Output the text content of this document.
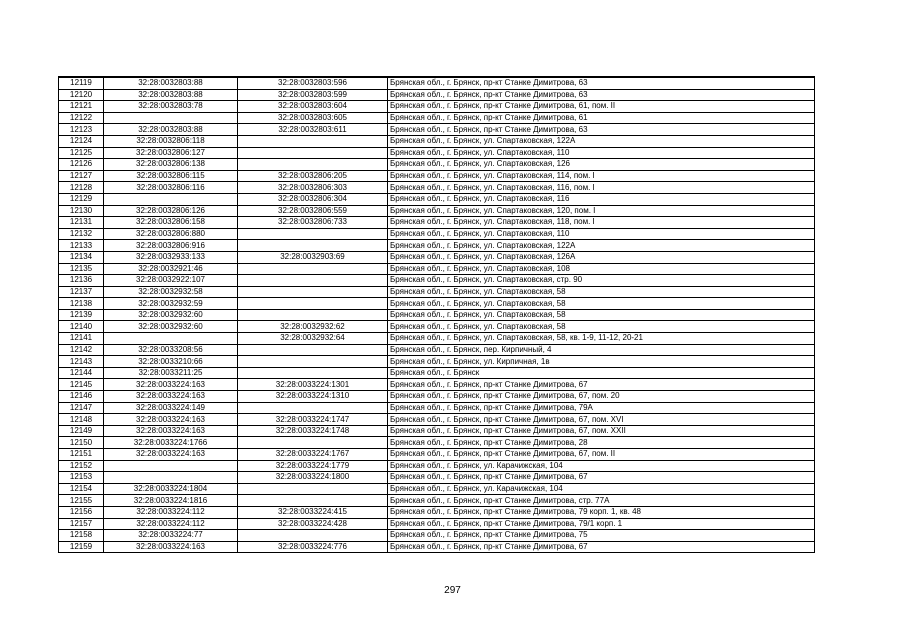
12119	32:28:0032803:88	32:28:0032803:596	Брянская обл., г. Брянск, пр-кт Станке Димитрова, 63
12120	32:28:0032803:88	32:28:0032803:599	Брянская обл., г. Брянск, пр-кт Станке Димитрова, 63
12121	32:28:0032803:78	32:28:0032803:604	Брянская обл., г. Брянск, пр-кт Станке Димитрова, 61, пом. II
12122		32:28:0032803:605	Брянская обл., г. Брянск, пр-кт Станке Димитрова, 61
12123	32:28:0032803:88	32:28:0032803:611	Брянская обл., г. Брянск, пр-кт Станке Димитрова, 63
12124	32:28:0032806:118		Брянская обл., г. Брянск, ул. Спартаковская, 122А
12125	32:28:0032806:127		Брянская обл., г. Брянск, ул. Спартаковская, 110
12126	32:28:0032806:138		Брянская обл., г. Брянск, ул. Спартаковская, 126
12127	32:28:0032806:115	32:28:0032806:205	Брянская обл., г. Брянск, ул. Спартаковская, 114, пом. I
12128	32:28:0032806:116	32:28:0032806:303	Брянская обл., г. Брянск, ул. Спартаковская, 116, пом. I
12129		32:28:0032806:304	Брянская обл., г. Брянск, ул. Спартаковская, 116
12130	32:28:0032806:126	32:28:0032806:559	Брянская обл., г. Брянск, ул. Спартаковская, 120, пом. I
12131	32:28:0032806:158	32:28:0032806:733	Брянская обл., г. Брянск, ул. Спартаковская, 118, пом. I
12132	32:28:0032806:880		Брянская обл., г. Брянск, ул. Спартаковская, 110
12133	32:28:0032806:916		Брянская обл., г. Брянск, ул. Спартаковская, 122А
12134	32:28:0032933:133	32:28:0032903:69	Брянская обл., г. Брянск, ул. Спартаковская, 126А
12135	32:28:0032921:46		Брянская обл., г. Брянск, ул. Спартаковская, 108
12136	32:28:0032922:107		Брянская обл., г. Брянск, ул. Спартаковская, стр. 90
12137	32:28:0032932:58		Брянская обл., г. Брянск, ул. Спартаковская, 58
12138	32:28:0032932:59		Брянская обл., г. Брянск, ул. Спартаковская, 58
12139	32:28:0032932:60		Брянская обл., г. Брянск, ул. Спартаковская, 58
12140	32:28:0032932:60	32:28:0032932:62	Брянская обл., г. Брянск, ул. Спартаковская, 58
12141		32:28:0032932:64	Брянская обл., г. Брянск, ул. Спартаковская, 58, кв. 1-9, 11-12, 20-21
12142	32:28:0033208:56		Брянская обл., г. Брянск, пер. Кирпичный, 4
12143	32:28:0033210:66		Брянская обл., г. Брянск, ул. Кирпичная, 1в
12144	32:28:0033211:25		Брянская обл., г. Брянск
12145	32:28:0033224:163	32:28:0033224:1301	Брянская обл., г. Брянск, пр-кт Станке Димитрова, 67
12146	32:28:0033224:163	32:28:0033224:1310	Брянская обл., г. Брянск, пр-кт Станке Димитрова, 67, пом. 20
12147	32:28:0033224:149		Брянская обл., г. Брянск, пр-кт Станке Димитрова, 79А
12148	32:28:0033224:163	32:28:0033224:1747	Брянская обл., г. Брянск, пр-кт Станке Димитрова, 67, пом. XVI
12149	32:28:0033224:163	32:28:0033224:1748	Брянская обл., г. Брянск, пр-кт Станке Димитрова, 67, пом. XXII
12150	32:28:0033224:1766		Брянская обл., г. Брянск, пр-кт Станке Димитрова, 28
12151	32:28:0033224:163	32:28:0033224:1767	Брянская обл., г. Брянск, пр-кт Станке Димитрова, 67, пом. II
12152		32:28:0033224:1779	Брянская обл., г. Брянск, ул. Карачижская, 104
12153		32:28:0033224:1800	Брянская обл., г. Брянск, пр-кт Станке Димитрова, 67
12154	32:28:0033224:1804		Брянская обл., г. Брянск, ул. Карачижская, 104
12155	32:28:0033224:1816		Брянская обл., г. Брянск, пр-кт Станке Димитрова, стр. 77А
12156	32:28:0033224:112	32:28:0033224:415	Брянская обл., г. Брянск, пр-кт Станке Димитрова, 79 корп. 1, кв. 48
12157	32:28:0033224:112	32:28:0033224:428	Брянская обл., г. Брянск, пр-кт Станке Димитрова, 79/1 корп. 1
12158	32:28:0033224:77		Брянская обл., г. Брянск, пр-кт Станке Димитрова, 75
12159	32:28:0033224:163	32:28:0033224:776	Брянская обл., г. Брянск, пр-кт Станке Димитрова, 67
297
